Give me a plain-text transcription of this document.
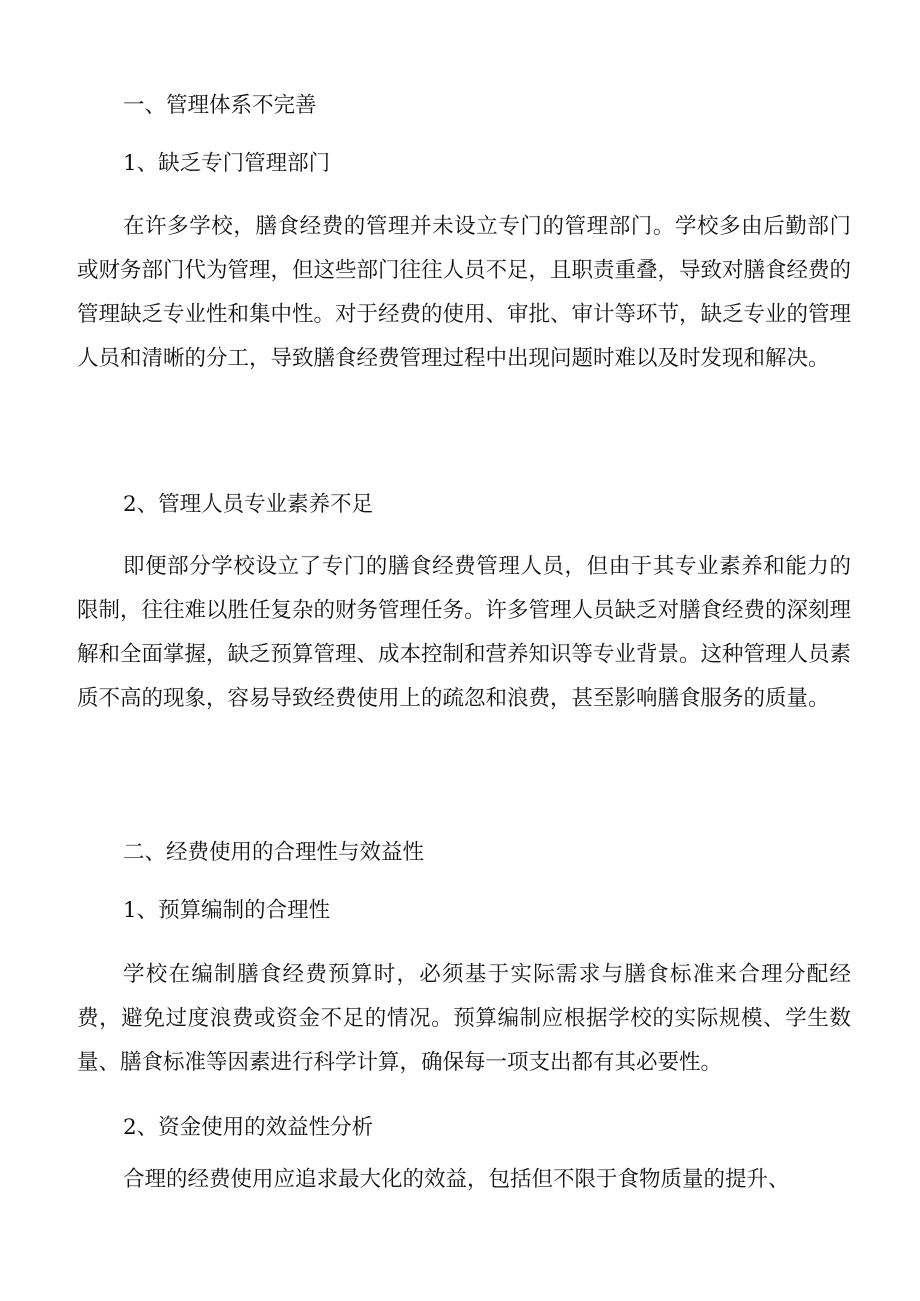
一、管理体系不完善

1、缺乏专门管理部门

在许多学校，膳食经费的管理并未设立专门的管理部门。学校多由后勤部门或财务部门代为管理，但这些部门往往人员不足，且职责重叠，导致对膳食经费的管理缺乏专业性和集中性。对于经费的使用、审批、审计等环节，缺乏专业的管理人员和清晰的分工，导致膳食经费管理过程中出现问题时难以及时发现和解决。

2、管理人员专业素养不足

即便部分学校设立了专门的膳食经费管理人员，但由于其专业素养和能力的限制，往往难以胜任复杂的财务管理任务。许多管理人员缺乏对膳食经费的深刻理解和全面掌握，缺乏预算管理、成本控制和营养知识等专业背景。这种管理人员素质不高的现象，容易导致经费使用上的疏忽和浪费，甚至影响膳食服务的质量。

二、经费使用的合理性与效益性

1、预算编制的合理性

学校在编制膳食经费预算时，必须基于实际需求与膳食标准来合理分配经费，避免过度浪费或资金不足的情况。预算编制应根据学校的实际规模、学生数量、膳食标准等因素进行科学计算，确保每一项支出都有其必要性。

2、资金使用的效益性分析

合理的经费使用应追求最大化的效益，包括但不限于食物质量的提升、
